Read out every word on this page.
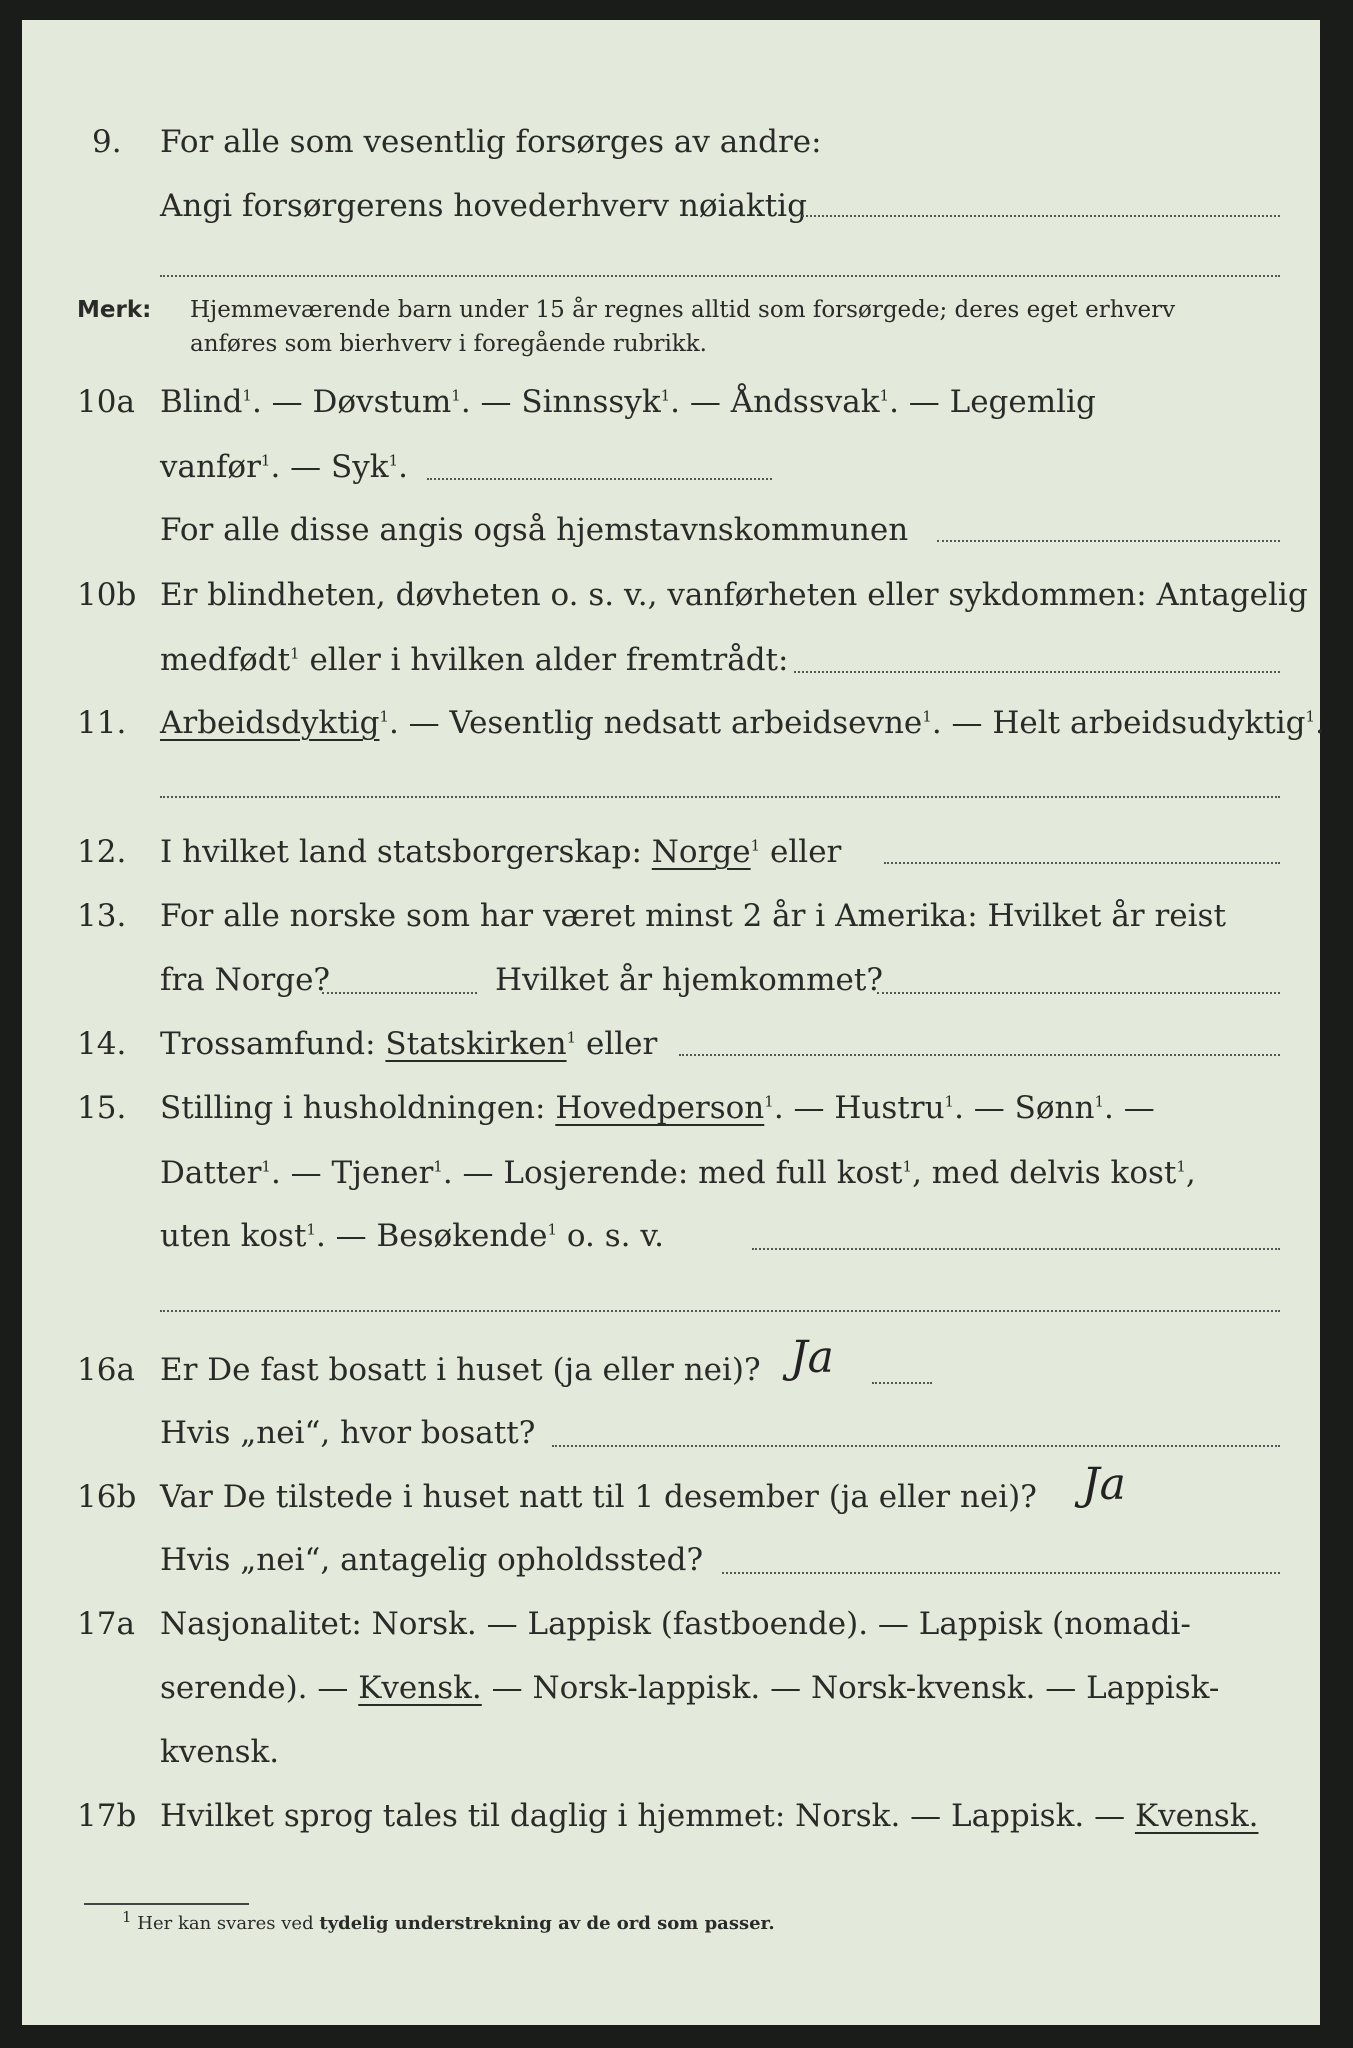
9. For alle som vesentlig forsørges av andre:
Angi forsørgerens hovederhverv nøiaktig
Merk: Hjemmeværende barn under 15 år regnes alltid som forsørgede; deres eget erhverv
anføres som bierhverv i foregående rubrikk.
10a Blind$^1$. — Døvstum$^1$. — Sinnssyk$^1$. — Åndssvak$^1$. — Legemlig
vanfør$^1$. — Syk$^1$.
For alle disse angis også hjemstavnskommunen
10b Er blindheten, døvheten o. s. v., vanførheten eller sykdommen: Antagelig
medfødt$^1$ eller i hvilken alder fremtrådt:
11. Arbeidsdyktig$^1$. — Vesentlig nedsatt arbeidsevne$^1$. — Helt arbeidsudyktig$^1$.
12. I hvilket land statsborgerskap: Norge$^1$ eller
13. For alle norske som har været minst 2 år i Amerika: Hvilket år reist
fra Norge?	Hvilket år hjemkommet?
14. Trossamfund: Statskirken$^1$ eller
15. Stilling i husholdningen: Hovedperson$^1$. — Hustru$^1$. — Sønn$^1$. —
Datter$^1$. — Tjener$^1$. — Losjerende: med full kost$^1$, med delvis kost$^1$,
uten kost$^1$. — Besøkende$^1$ o. s. v.
16a Er De fast bosatt i huset (ja eller nei)? Ja
Hvis „nei“, hvor bosatt?
16b Var De tilstede i huset natt til 1 desember (ja eller nei)? Ja
Hvis „nei“, antagelig opholdssted?
17a Nasjonalitet: Norsk. — Lappisk (fastboende). — Lappisk (nomadi-
serende). — Kvensk. — Norsk-lappisk. — Norsk-kvensk. — Lappisk-
kvensk.
17b Hvilket sprog tales til daglig i hjemmet: Norsk. — Lappisk. — Kvensk.
$^1$ Her kan svares ved tydelig understrekning av de ord som passer.
